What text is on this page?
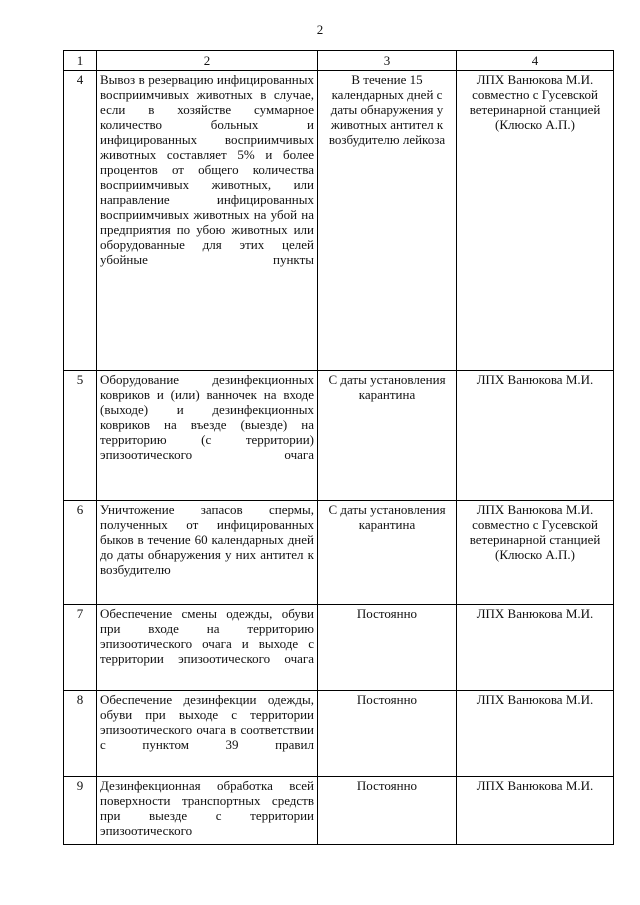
2
1	2	3	4
4	Вывоз в резервацию инфицированных восприимчивых животных в случае, если в хозяйстве суммарное количество больных и инфицированных восприимчивых животных составляет 5% и более процентов от общего количества восприимчивых животных, или направление инфицированных восприимчивых животных на убой на предприятия по убою животных или оборудованные для этих целей убойные пункты	В течение 15 календарных дней с даты обнаружения у животных антител к возбудителю лейкоза	ЛПХ Ванюкова М.И. совместно с Гусевской ветеринарной станцией (Клюско А.П.)
5	Оборудование дезинфекционных ковриков и (или) ванночек на входе (выходе) и дезинфекционных ковриков на въезде (выезде) на территорию (с территории) эпизоотического очага	С даты установления карантина	ЛПХ Ванюкова М.И.
6	Уничтожение запасов спермы, полученных от инфицированных быков в течение 60 календарных дней до даты обнаружения у них антител к возбудителю	С даты установления карантина	ЛПХ Ванюкова М.И. совместно с Гусевской ветеринарной станцией (Клюско А.П.)
7	Обеспечение смены одежды, обуви при входе на территорию эпизоотического очага и выходе с территории эпизоотического очага	Постоянно	ЛПХ Ванюкова М.И.
8	Обеспечение дезинфекции одежды, обуви при выходе с территории эпизоотического очага в соответствии с пунктом 39 правил	Постоянно	ЛПХ Ванюкова М.И.
9	Дезинфекционная обработка всей поверхности транспортных средств при выезде с территории эпизоотического	Постоянно	ЛПХ Ванюкова М.И.
